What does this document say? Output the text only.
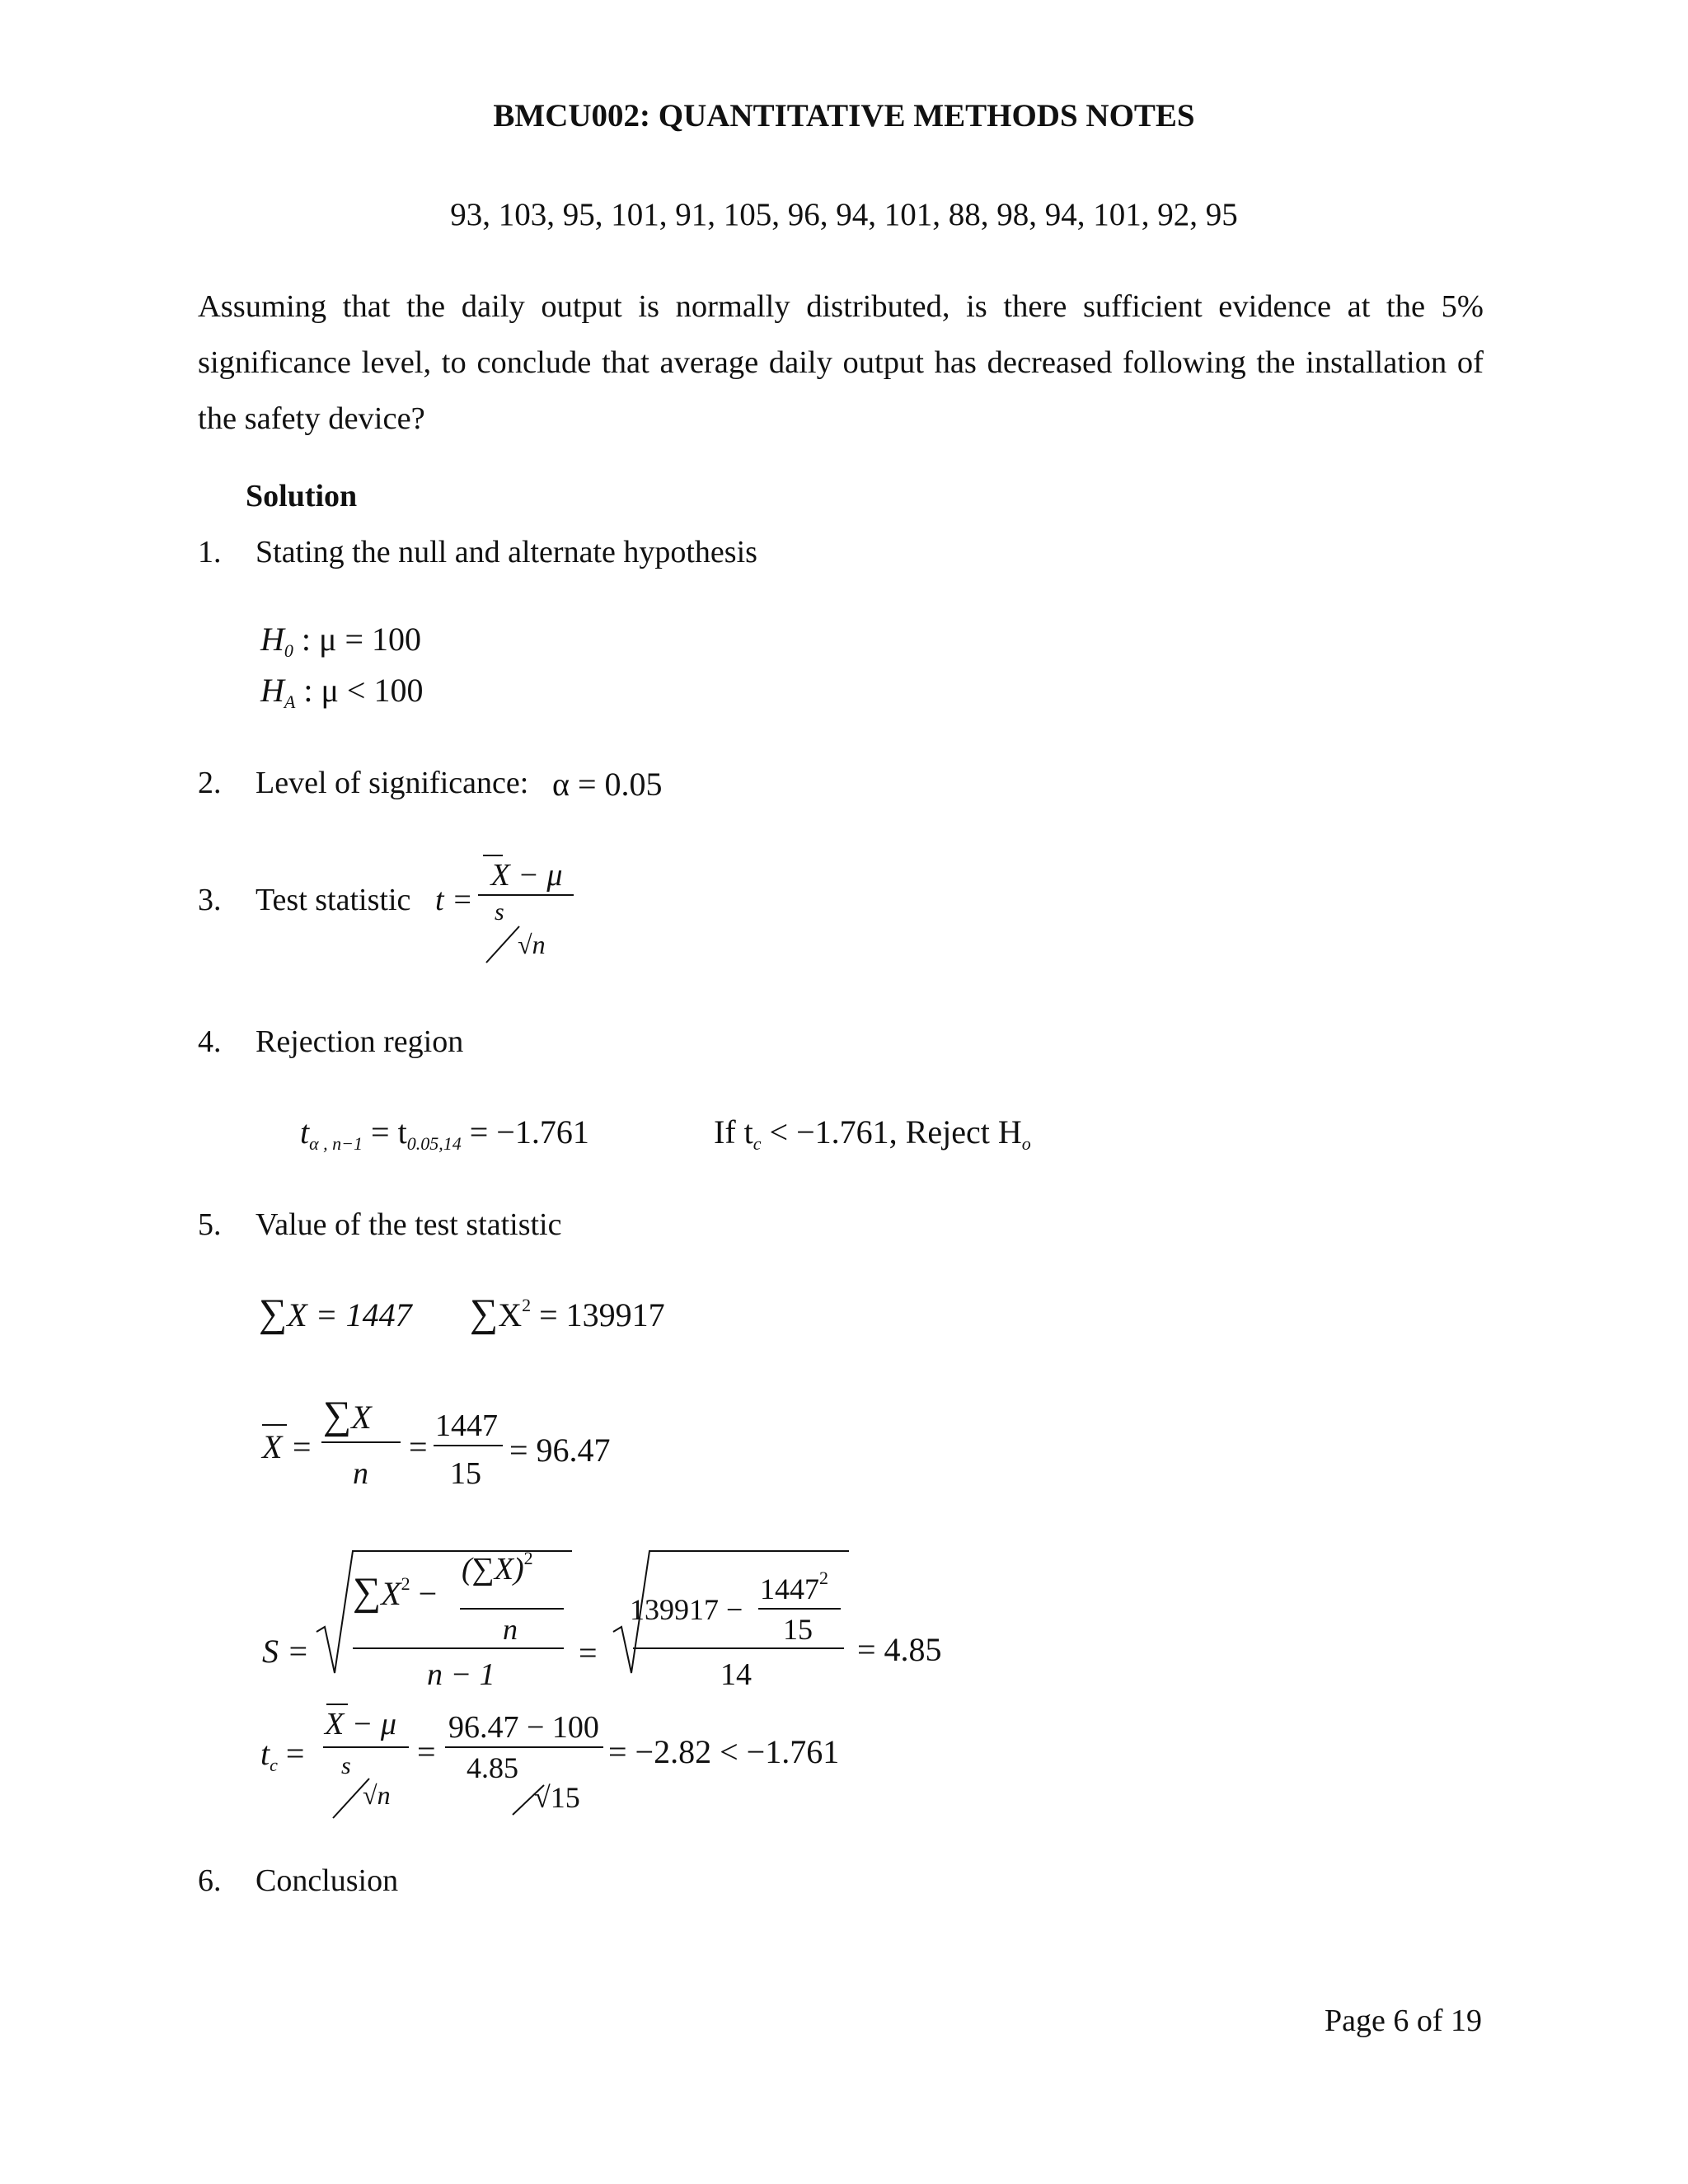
BMCU002: QUANTITATIVE METHODS NOTES
93, 103, 95, 101, 91, 105, 96, 94, 101, 88, 98, 94, 101, 92, 95
Assuming that the daily output is normally distributed, is there sufficient evidence at the 5% significance level, to conclude that average daily output has decreased following the installation of the safety device?
Solution
1. Stating the null and alternate hypothesis
$H_0$ : μ = 100
$H_A$ : μ < 100
2. Level of significance: α = 0.05
3. Test statistic t =
X − μ
s
√n
4. Rejection region
$t_{\alpha , n-1} = t_{0.05,14} = -1.761$	If $t_c < -1.761$, Reject $H_o$
5. Value of the test statistic
∑X = 1447 $\sum X^2 = 139917$
X =
∑X
n
=
1447
15
= 96.47
S =
$\sum X^2$ −
$(\sum X)^2$
n
n − 1
=
139917 −
$1447^2$
15
14
= 4.85
$t_c$ =
X − μ
s
√n
=
96.47 − 100
4.85
√15
= −2.82 < −1.761
6. Conclusion
Page 6 of 19
